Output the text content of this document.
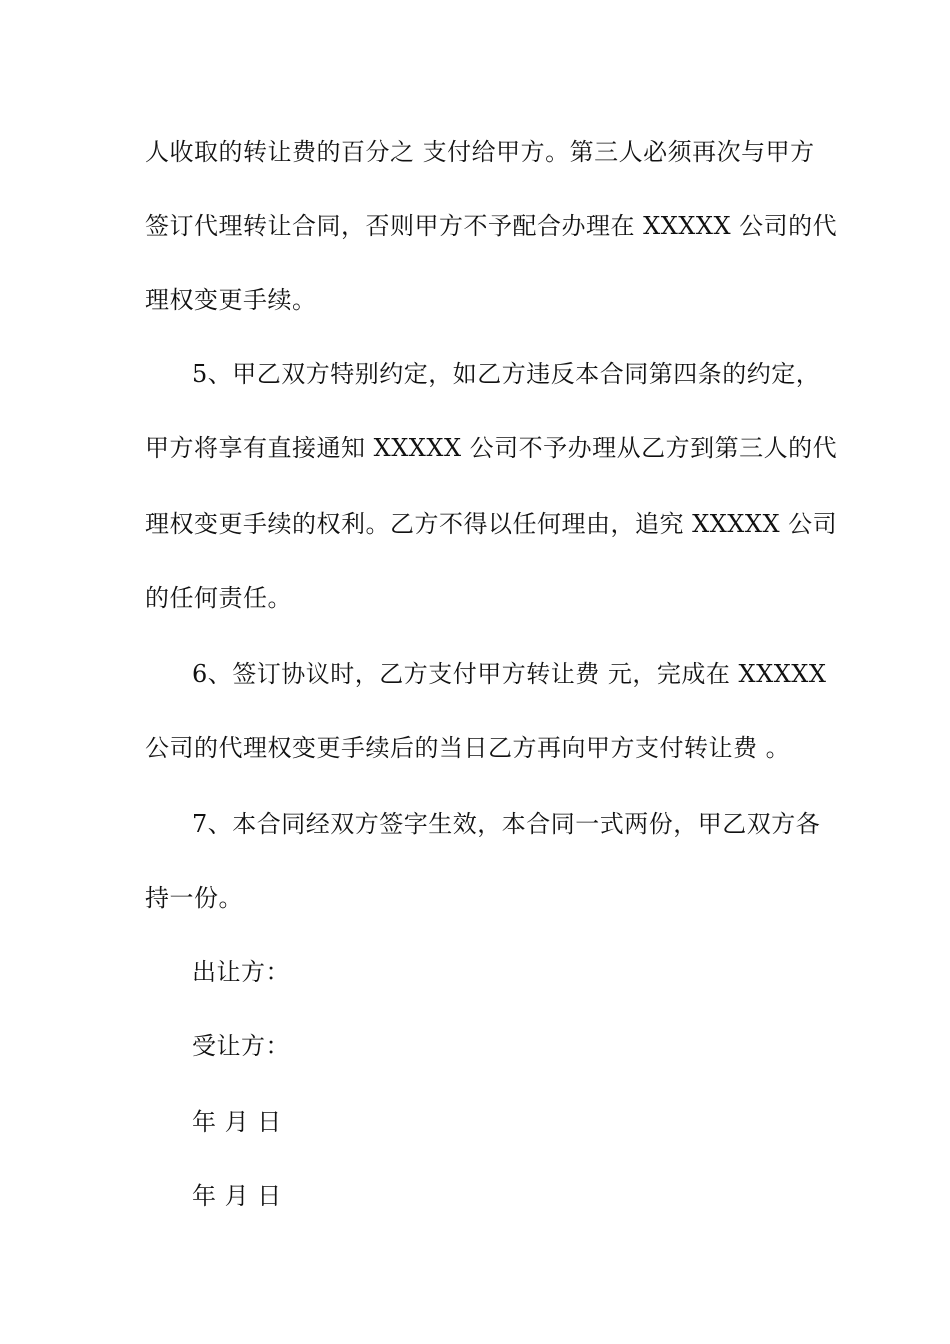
人收取的转让费的百分之 支付给甲方。第三人必须再次与甲方
签订代理转让合同，否则甲方不予配合办理在 XXXXX 公司的代
理权变更手续。
5、甲乙双方特别约定，如乙方违反本合同第四条的约定，
甲方将享有直接通知 XXXXX 公司不予办理从乙方到第三人的代
理权变更手续的权利。乙方不得以任何理由，追究 XXXXX 公司
的任何责任。
6、签订协议时，乙方支付甲方转让费 元，完成在 XXXXX
公司的代理权变更手续后的当日乙方再向甲方支付转让费 。
7、本合同经双方签字生效，本合同一式两份，甲乙双方各
持一份。
出让方：
受让方：
年 月 日
年 月 日
